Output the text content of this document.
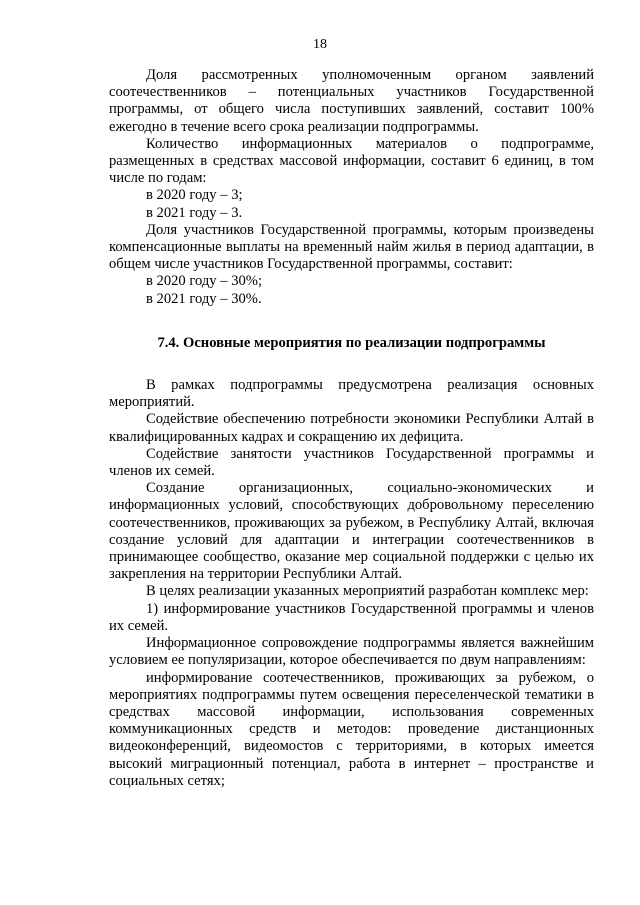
18

Доля рассмотренных уполномоченным органом заявлений соотечественников – потенциальных участников Государственной программы, от общего числа поступивших заявлений, составит 100% ежегодно в течение всего срока реализации подпрограммы.

Количество информационных материалов о подпрограмме, размещенных в средствах массовой информации, составит 6 единиц, в том числе по годам:

в 2020 году – 3;

в 2021 году – 3.

Доля участников Государственной программы, которым произведены компенсационные выплаты на временный найм жилья в период адаптации, в общем числе участников Государственной программы, составит:

в 2020 году – 30%;

в 2021 году – 30%.

7.4. Основные мероприятия по реализации подпрограммы

В рамках подпрограммы предусмотрена реализация основных мероприятий.

Содействие обеспечению потребности экономики Республики Алтай в квалифицированных кадрах и сокращению их дефицита.

Содействие занятости участников Государственной программы и членов их семей.

Создание организационных, социально-экономических и информационных условий, способствующих добровольному переселению соотечественников, проживающих за рубежом, в Республику Алтай, включая создание условий для адаптации и интеграции соотечественников в принимающее сообщество, оказание мер социальной поддержки с целью их закрепления на территории Республики Алтай.

В целях реализации указанных мероприятий разработан комплекс мер:

1) информирование участников Государственной программы и членов их семей.

Информационное сопровождение подпрограммы является важнейшим условием ее популяризации, которое обеспечивается по двум направлениям:

информирование соотечественников, проживающих за рубежом, о мероприятиях подпрограммы путем освещения переселенческой тематики в средствах массовой информации, использования современных коммуникационных средств и методов: проведение дистанционных видеоконференций, видеомостов с территориями, в которых имеется высокий миграционный потенциал, работа в интернет – пространстве и социальных сетях;
